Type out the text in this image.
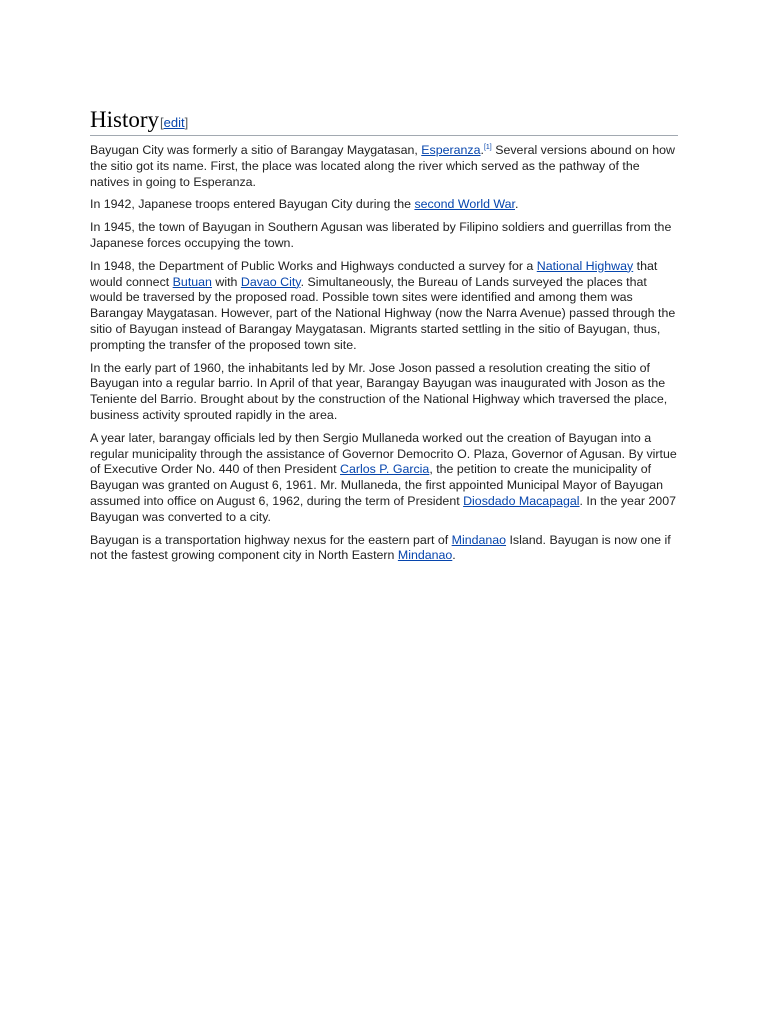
History [edit]

Bayugan City was formerly a sitio of Barangay Maygatasan, Esperanza.[1] Several versions abound on how the sitio got its name. First, the place was located along the river which served as the pathway of the natives in going to Esperanza.

In 1942, Japanese troops entered Bayugan City during the second World War.

In 1945, the town of Bayugan in Southern Agusan was liberated by Filipino soldiers and guerrillas from the Japanese forces occupying the town.

In 1948, the Department of Public Works and Highways conducted a survey for a National Highway that would connect Butuan with Davao City. Simultaneously, the Bureau of Lands surveyed the places that would be traversed by the proposed road. Possible town sites were identified and among them was Barangay Maygatasan. However, part of the National Highway (now the Narra Avenue) passed through the sitio of Bayugan instead of Barangay Maygatasan. Migrants started settling in the sitio of Bayugan, thus, prompting the transfer of the proposed town site.

In the early part of 1960, the inhabitants led by Mr. Jose Joson passed a resolution creating the sitio of Bayugan into a regular barrio. In April of that year, Barangay Bayugan was inaugurated with Joson as the Teniente del Barrio. Brought about by the construction of the National Highway which traversed the place, business activity sprouted rapidly in the area.

A year later, barangay officials led by then Sergio Mullaneda worked out the creation of Bayugan into a regular municipality through the assistance of Governor Democrito O. Plaza, Governor of Agusan. By virtue of Executive Order No. 440 of then President Carlos P. Garcia, the petition to create the municipality of Bayugan was granted on August 6, 1961. Mr. Mullaneda, the first appointed Municipal Mayor of Bayugan assumed into office on August 6, 1962, during the term of President Diosdado Macapagal. In the year 2007 Bayugan was converted to a city.

Bayugan is a transportation highway nexus for the eastern part of Mindanao Island. Bayugan is now one if not the fastest growing component city in North Eastern Mindanao.
